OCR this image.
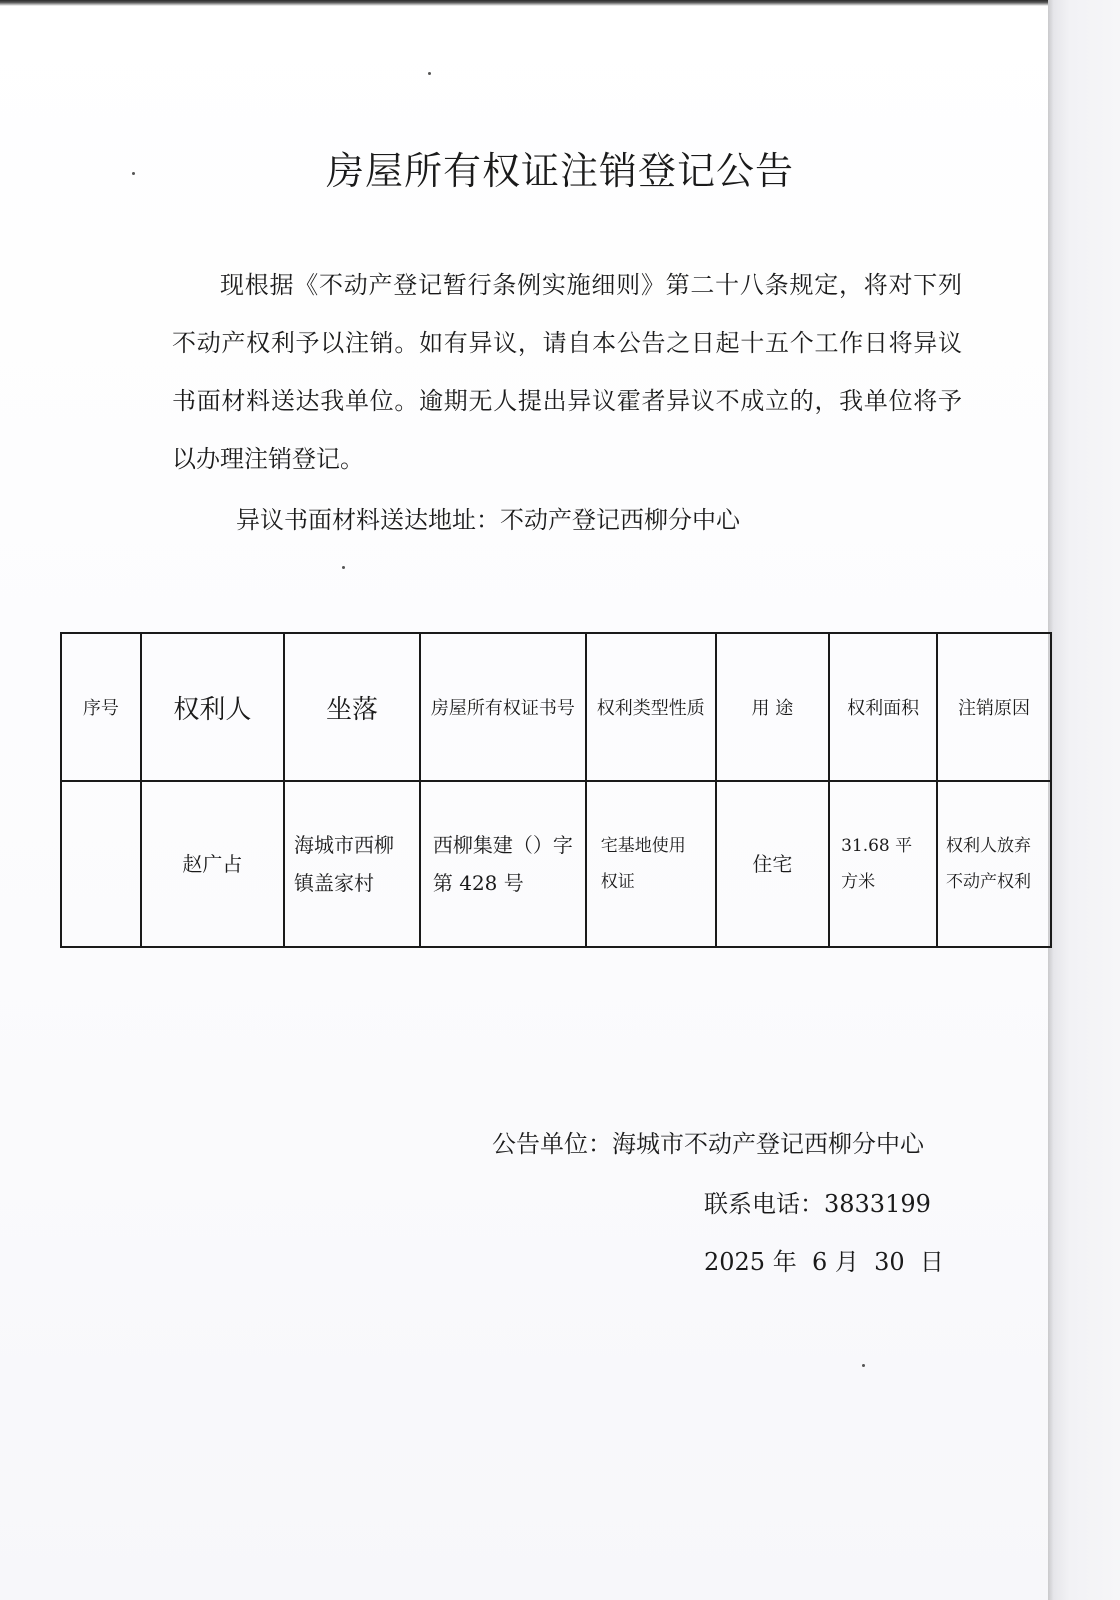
房屋所有权证注销登记公告

现根据《不动产登记暂行条例实施细则》第二十八条规定，将对下列不动产权利予以注销。如有异议，请自本公告之日起十五个工作日将异议书面材料送达我单位。逾期无人提出异议霍者异议不成立的，我单位将予以办理注销登记。

异议书面材料送达地址：不动产登记西柳分中心
序号	权利人	坐落	房屋所有权证书号	权利类型性质	用 途	权利面积	注销原因
	赵广占	海城市西柳镇盖家村	西柳集建（）字第 428 号	宅基地使用权证	住宅	31.68 平方米	权利人放弃不动产权利
公告单位：海城市不动产登记西柳分中心
联系电话：3833199
2025 年  6 月  30  日
